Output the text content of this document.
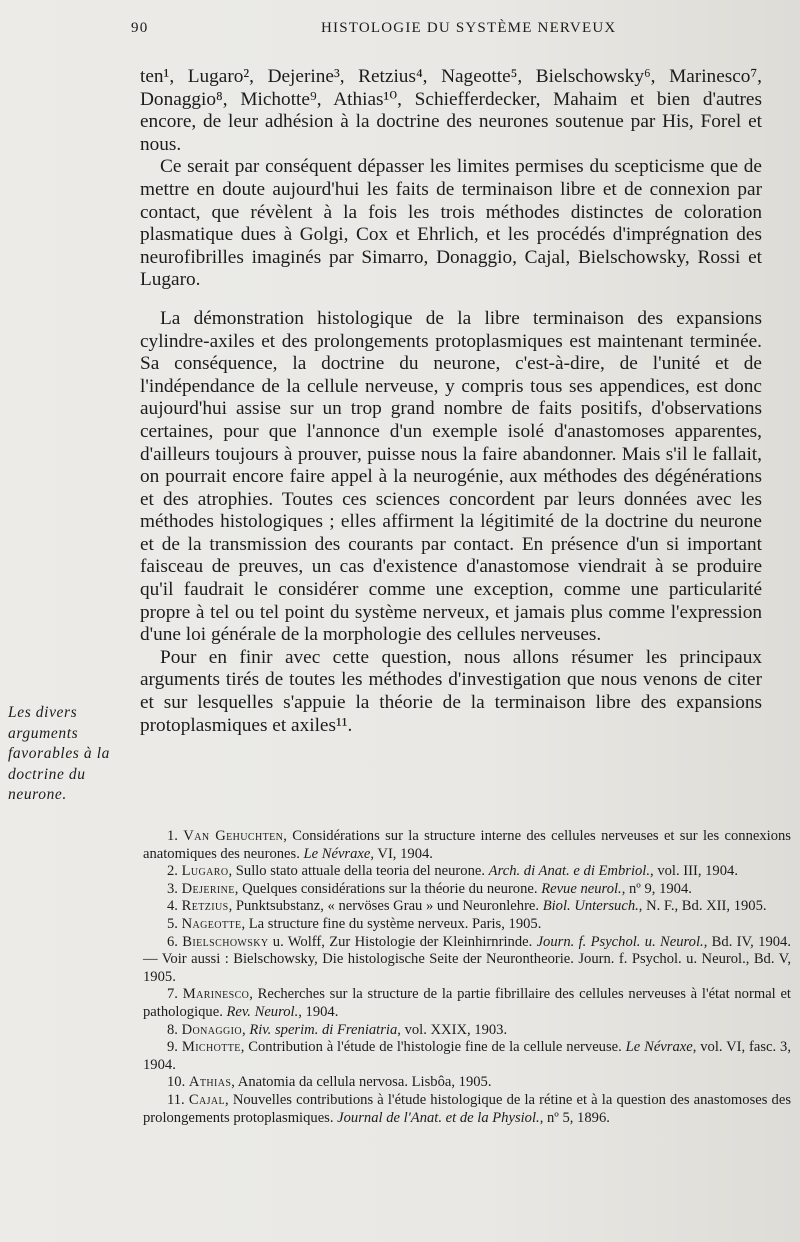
90	HISTOLOGIE DU SYSTÈME NERVEUX

ten¹, Lugaro², Dejerine³, Retzius⁴, Nageotte⁵, Bielschowsky⁶, Marinesco⁷, Donaggio⁸, Michotte⁹, Athias¹⁰, Schiefferdecker, Mahaim et bien d'autres encore, de leur adhésion à la doctrine des neurones soutenue par His, Forel et nous.

Ce serait par conséquent dépasser les limites permises du scepticisme que de mettre en doute aujourd'hui les faits de terminaison libre et de connexion par contact, que révèlent à la fois les trois méthodes distinctes de coloration plasmatique dues à Golgi, Cox et Ehrlich, et les procédés d'imprégnation des neurofibrilles imaginés par Simarro, Donaggio, Cajal, Bielschowsky, Rossi et Lugaro.

La démonstration histologique de la libre terminaison des expansions cylindre-axiles et des prolongements protoplasmiques est maintenant terminée. Sa conséquence, la doctrine du neurone, c'est-à-dire, de l'unité et de l'indépendance de la cellule nerveuse, y compris tous ses appendices, est donc aujourd'hui assise sur un trop grand nombre de faits positifs, d'observations certaines, pour que l'annonce d'un exemple isolé d'anastomoses apparentes, d'ailleurs toujours à prouver, puisse nous la faire abandonner. Mais s'il le fallait, on pourrait encore faire appel à la neurogénie, aux méthodes des dégénérations et des atrophies. Toutes ces sciences concordent par leurs données avec les méthodes histologiques ; elles affirment la légitimité de la doctrine du neurone et de la transmission des courants par contact. En présence d'un si important faisceau de preuves, un cas d'existence d'anastomose viendrait à se produire qu'il faudrait le considérer comme une exception, comme une particularité propre à tel ou tel point du système nerveux, et jamais plus comme l'expression d'une loi générale de la morphologie des cellules nerveuses.

Pour en finir avec cette question, nous allons résumer les principaux arguments tirés de toutes les méthodes d'investigation que nous venons de citer et sur lesquelles s'appuie la théorie de la terminaison libre des expansions protoplasmiques et axiles¹¹.

Les divers arguments favorables à la doctrine du neurone.

1. Van Gehuchten, Considérations sur la structure interne des cellules nerveuses et sur les connexions anatomiques des neurones. Le Névraxe, VI, 1904.

2. Lugaro, Sullo stato attuale della teoria del neurone. Arch. di Anat. e di Embriol., vol. III, 1904.

3. Dejerine, Quelques considérations sur la théorie du neurone. Revue neurol., nº 9, 1904.

4. Retzius, Punktsubstanz, « nervöses Grau » und Neuronlehre. Biol. Untersuch., N. F., Bd. XII, 1905.

5. Nageotte, La structure fine du système nerveux. Paris, 1905.

6. Bielschowsky u. Wolff, Zur Histologie der Kleinhirnrinde. Journ. f. Psychol. u. Neurol., Bd. IV, 1904. — Voir aussi : Bielschowsky, Die histologische Seite der Neurontheorie. Journ. f. Psychol. u. Neurol., Bd. V, 1905.

7. Marinesco, Recherches sur la structure de la partie fibrillaire des cellules nerveuses à l'état normal et pathologique. Rev. Neurol., 1904.

8. Donaggio, Riv. sperim. di Freniatria, vol. XXIX, 1903.

9. Michotte, Contribution à l'étude de l'histologie fine de la cellule nerveuse. Le Névraxe, vol. VI, fasc. 3, 1904.

10. Athias, Anatomia da cellula nervosa. Lisbôa, 1905.

11. Cajal, Nouvelles contributions à l'étude histologique de la rétine et à la question des anastomoses des prolongements protoplasmiques. Journal de l'Anat. et de la Physiol., nº 5, 1896.
